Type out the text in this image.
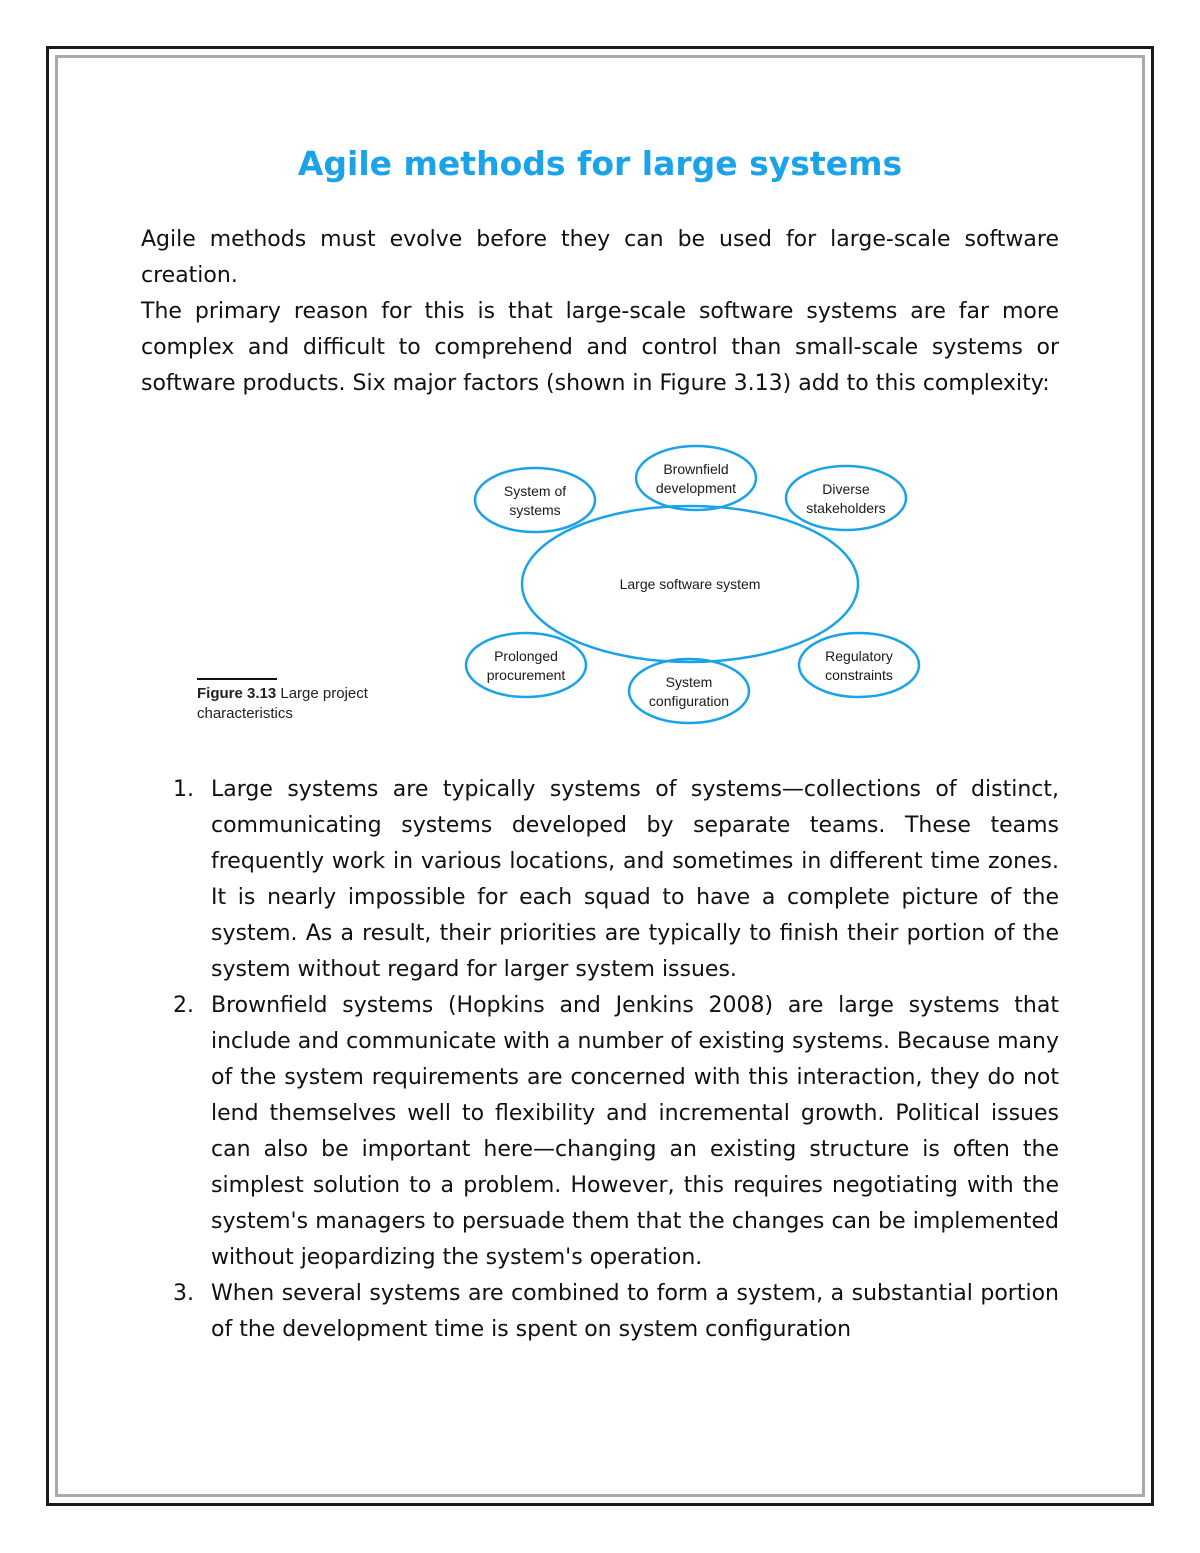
Agile methods for large systems

Agile methods must evolve before they can be used for large-scale software creation.

The primary reason for this is that large-scale software systems are far more complex and difficult to comprehend and control than small-scale systems or software products. Six major factors (shown in Figure 3.13) add to this complexity:

Large software system
System of
systems
Brownfield
development	Diverse
stakeholders
Prolonged
procurement	System
configuration
Regulatory
constraints
Figure 3.13 Large project characteristics
1. Large systems are typically systems of systems—collections of distinct, communicating systems developed by separate teams. These teams frequently work in various locations, and sometimes in different time zones. It is nearly impossible for each squad to have a complete picture of the system. As a result, their priorities are typically to finish their portion of the system without regard for larger system issues.

2. Brownfield systems (Hopkins and Jenkins 2008) are large systems that include and communicate with a number of existing systems. Because many of the system requirements are concerned with this interaction, they do not lend themselves well to flexibility and incremental growth. Political issues can also be important here—changing an existing structure is often the simplest solution to a problem. However, this requires negotiating with the system's managers to persuade them that the changes can be implemented without jeopardizing the system's operation.

3. When several systems are combined to form a system, a substantial portion of the development time is spent on system configuration
